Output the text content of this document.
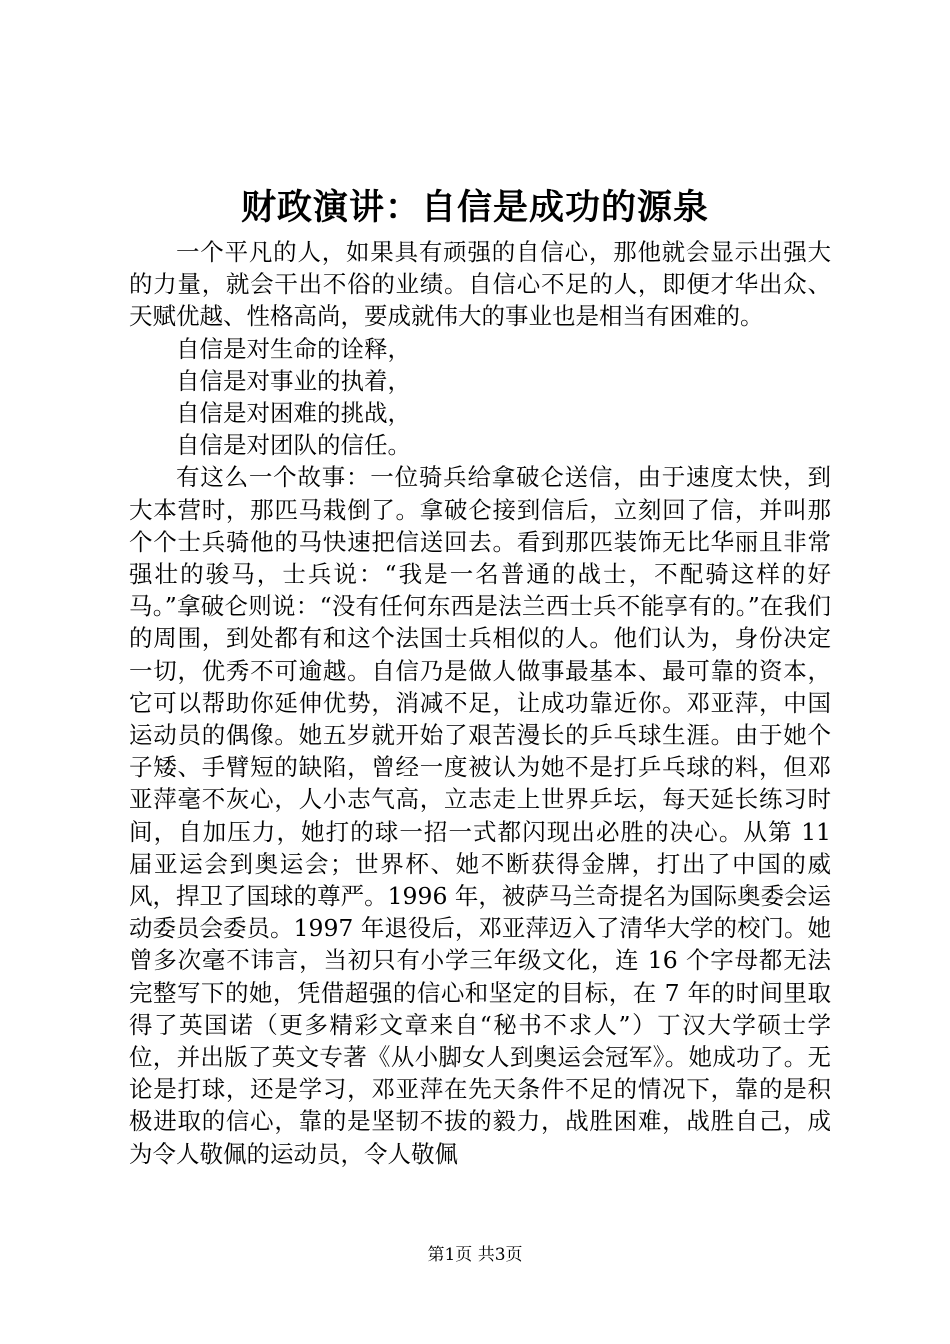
财政演讲：自信是成功的源泉

一个平凡的人，如果具有顽强的自信心，那他就会显示出强大的力量，就会干出不俗的业绩。自信心不足的人，即便才华出众、天赋优越、性格高尚，要成就伟大的事业也是相当有困难的。

自信是对生命的诠释，

自信是对事业的执着，

自信是对困难的挑战，

自信是对团队的信任。

有这么一个故事：一位骑兵给拿破仑送信，由于速度太快，到大本营时，那匹马栽倒了。拿破仑接到信后，立刻回了信，并叫那个个士兵骑他的马快速把信送回去。看到那匹装饰无比华丽且非常强壮的骏马，士兵说：“我是一名普通的战士，不配骑这样的好马。”拿破仑则说：“没有任何东西是法兰西士兵不能享有的。”在我们的周围，到处都有和这个法国士兵相似的人。他们认为，身份决定一切，优秀不可逾越。自信乃是做人做事最基本、最可靠的资本，它可以帮助你延伸优势，消减不足，让成功靠近你。邓亚萍，中国运动员的偶像。她五岁就开始了艰苦漫长的乒乓球生涯。由于她个子矮、手臂短的缺陷，曾经一度被认为她不是打乒乓球的料，但邓亚萍毫不灰心，人小志气高，立志走上世界乒坛，每天延长练习时间，自加压力，她打的球一招一式都闪现出必胜的决心。从第 11 届亚运会到奥运会；世界杯、她不断获得金牌，打出了中国的威风，捍卫了国球的尊严。1996 年，被萨马兰奇提名为国际奥委会运动委员会委员。1997 年退役后，邓亚萍迈入了清华大学的校门。她曾多次毫不讳言，当初只有小学三年级文化，连 16 个字母都无法完整写下的她，凭借超强的信心和坚定的目标，在 7 年的时间里取得了英国诺（更多精彩文章来自“秘书不求人”）丁汉大学硕士学位，并出版了英文专著《从小脚女人到奥运会冠军》。她成功了。无论是打球，还是学习，邓亚萍在先天条件不足的情况下，靠的是积极进取的信心，靠的是坚韧不拔的毅力，战胜困难，战胜自己，成为令人敬佩的运动员，令人敬佩

第1页 共3页
